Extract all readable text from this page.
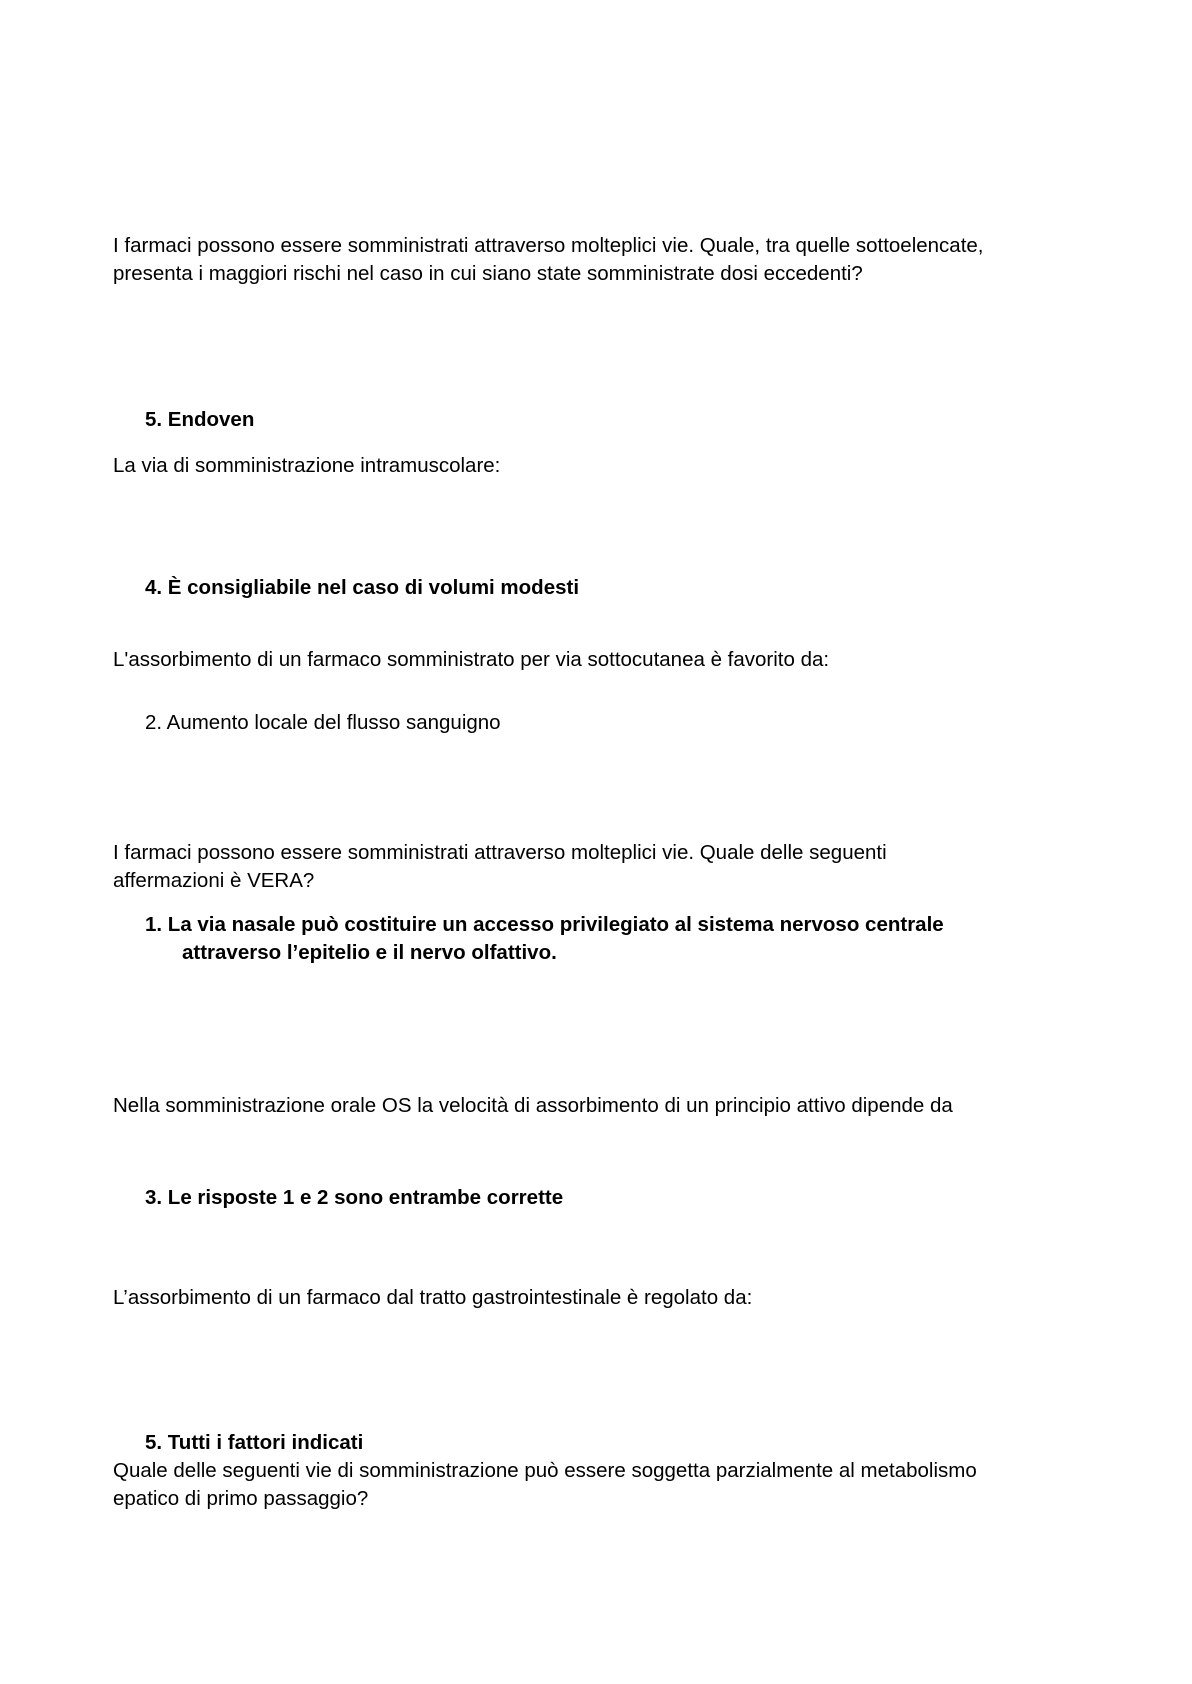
I farmaci possono essere somministrati attraverso molteplici vie. Quale, tra quelle sottoelencate, presenta i maggiori rischi nel caso in cui siano state somministrate dosi eccedenti?

5. Endoven

La via di somministrazione intramuscolare:

4. È consigliabile nel caso di volumi modesti

L'assorbimento di un farmaco somministrato per via sottocutanea è favorito da:

2. Aumento locale del flusso sanguigno

I farmaci possono essere somministrati attraverso molteplici vie. Quale delle seguenti affermazioni è VERA?

1. La via nasale può costituire un accesso privilegiato al sistema nervoso centrale attraverso l’epitelio e il nervo olfattivo.

Nella somministrazione orale OS la velocità di assorbimento di un principio attivo dipende da

3. Le risposte 1 e 2 sono entrambe corrette

L’assorbimento di un farmaco dal tratto gastrointestinale è regolato da:

5. Tutti i fattori indicati

Quale delle seguenti vie di somministrazione può essere soggetta parzialmente al metabolismo epatico di primo passaggio?
